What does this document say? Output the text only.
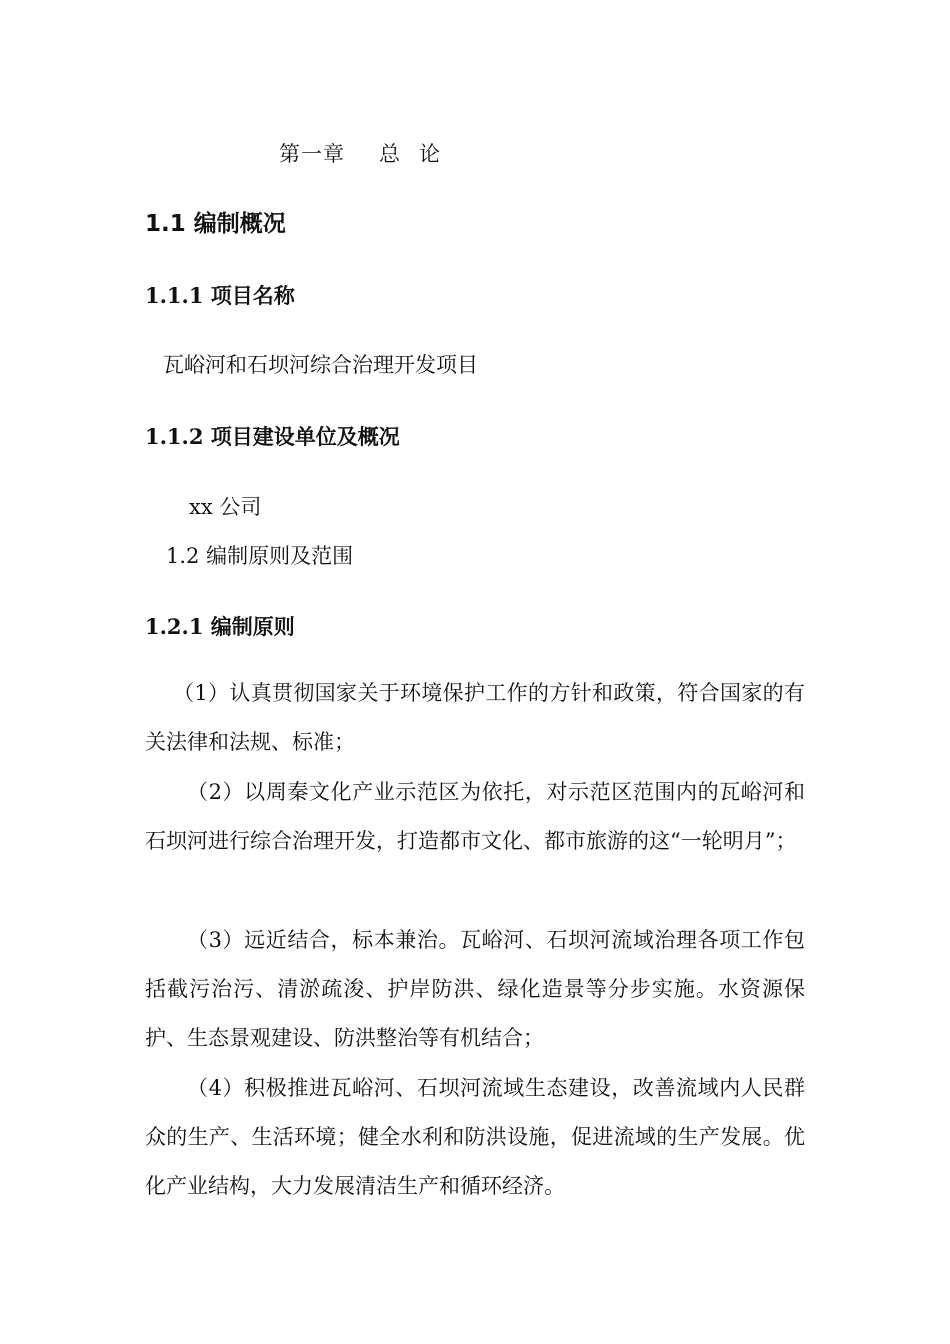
第一章 总 论
1.1 编制概况
1.1.1 项目名称
瓦峪河和石坝河综合治理开发项目
1.1.2 项目建设单位及概况
xx 公司
1.2 编制原则及范围
1.2.1 编制原则

（1）认真贯彻国家关于环境保护工作的方针和政策，符合国家的有关法律和法规、标准；

（2）以周秦文化产业示范区为依托，对示范区范围内的瓦峪河和石坝河进行综合治理开发，打造都市文化、都市旅游的这“一轮明月”；

（3）远近结合，标本兼治。瓦峪河、石坝河流域治理各项工作包括截污治污、清淤疏浚、护岸防洪、绿化造景等分步实施。水资源保护、生态景观建设、防洪整治等有机结合；

（4）积极推进瓦峪河、石坝河流域生态建设，改善流域内人民群众的生产、生活环境；健全水利和防洪设施，促进流域的生产发展。优化产业结构，大力发展清洁生产和循环经济。
